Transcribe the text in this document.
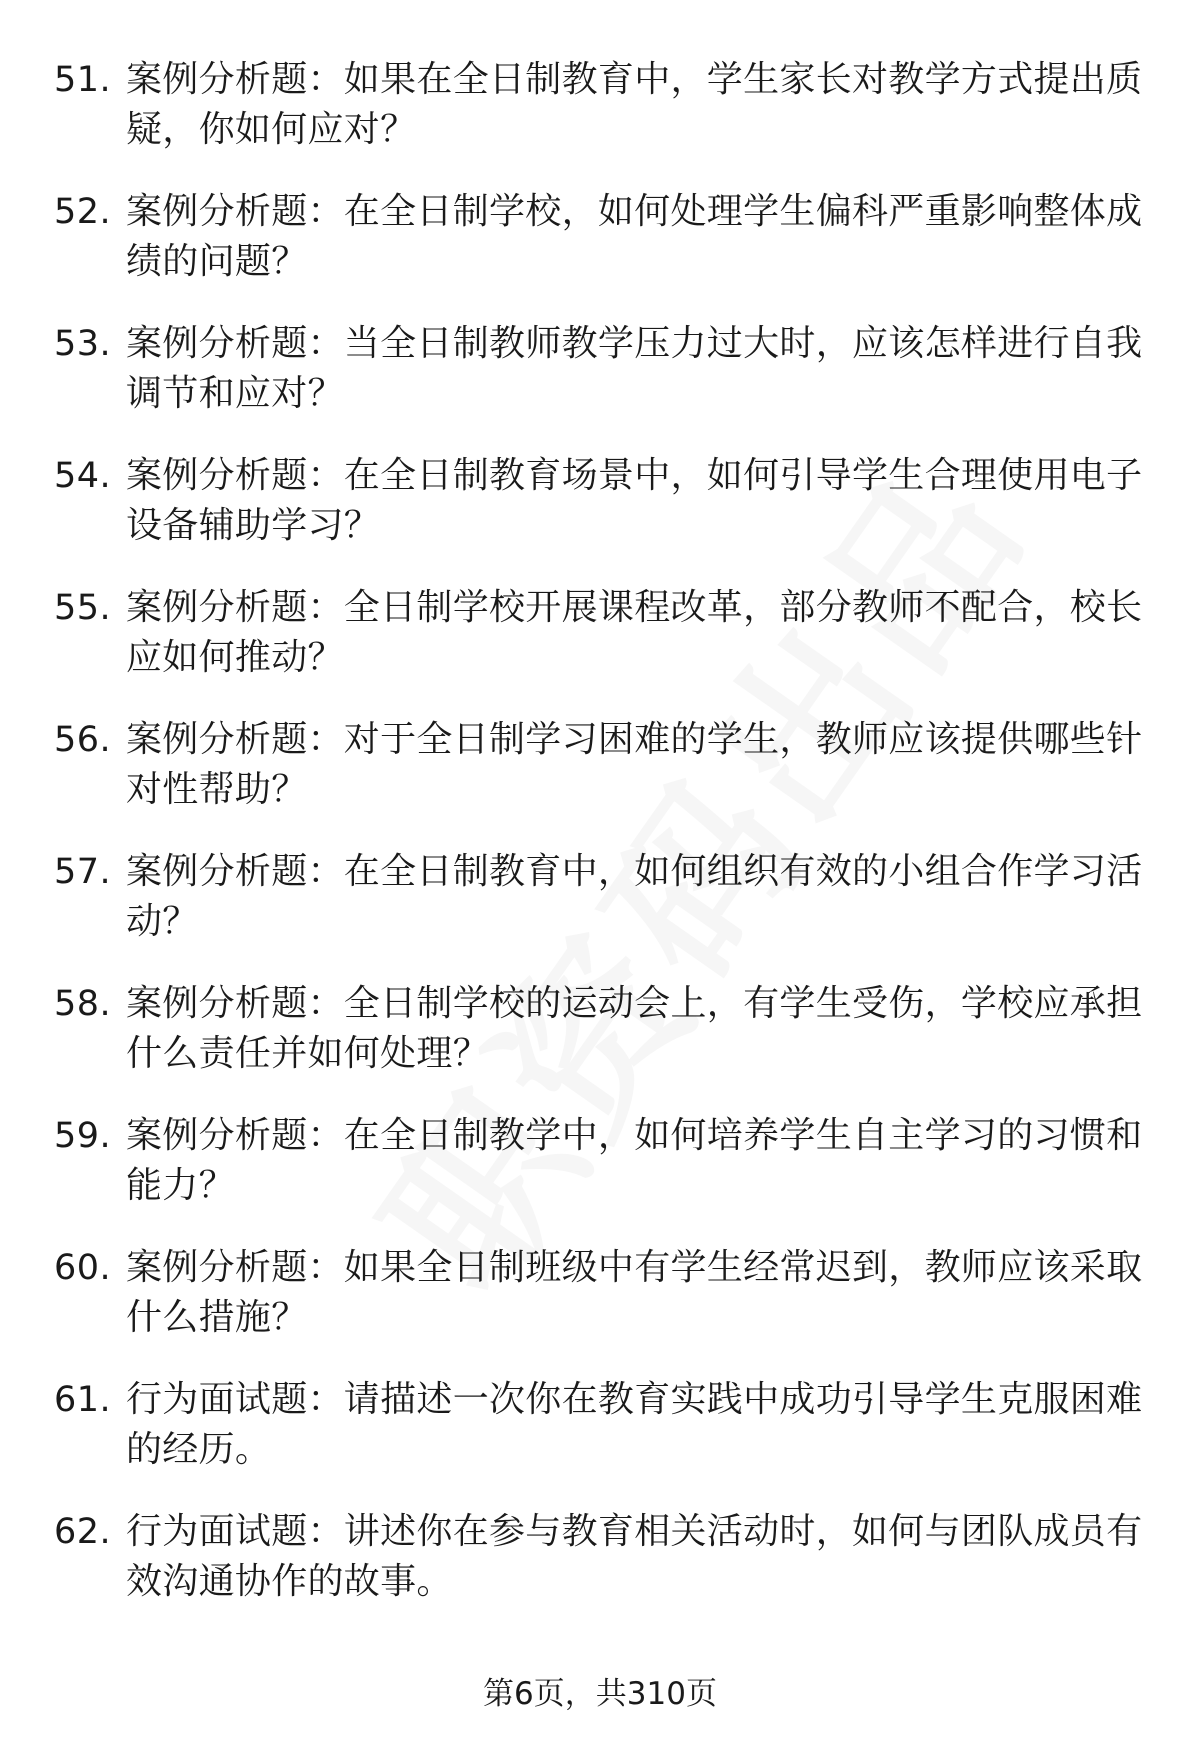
51. 案例分析题：如果在全日制教育中，学生家长对教学方式提出质疑，你如何应对？
52. 案例分析题：在全日制学校，如何处理学生偏科严重影响整体成绩的问题？
53. 案例分析题：当全日制教师教学压力过大时，应该怎样进行自我调节和应对？
54. 案例分析题：在全日制教育场景中，如何引导学生合理使用电子设备辅助学习？
55. 案例分析题：全日制学校开展课程改革，部分教师不配合，校长应如何推动？
56. 案例分析题：对于全日制学习困难的学生，教师应该提供哪些针对性帮助？
57. 案例分析题：在全日制教育中，如何组织有效的小组合作学习活动？
58. 案例分析题：全日制学校的运动会上，有学生受伤，学校应承担什么责任并如何处理？
59. 案例分析题：在全日制教学中，如何培养学生自主学习的习惯和能力？
60. 案例分析题：如果全日制班级中有学生经常迟到，教师应该采取什么措施？
61. 行为面试题：请描述一次你在教育实践中成功引导学生克服困难的经历。
62. 行为面试题：讲述你在参与教育相关活动时，如何与团队成员有效沟通协作的故事。
第6页，共310页
